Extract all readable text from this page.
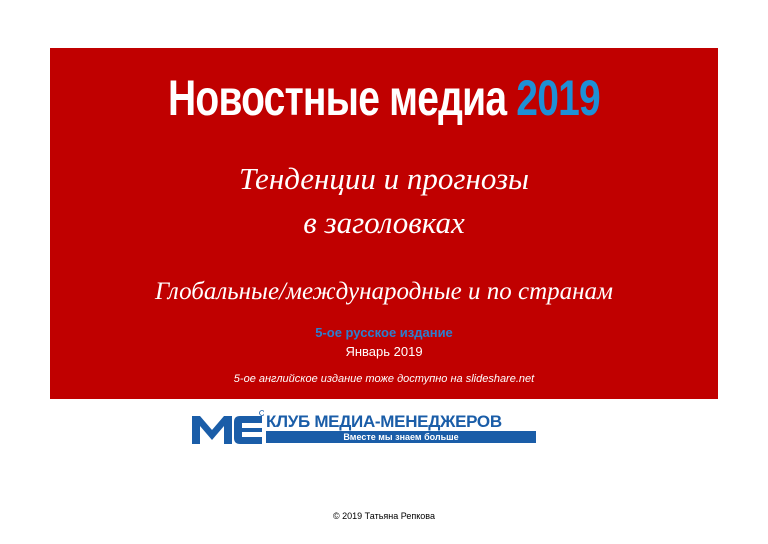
Новостные медиа 2019
Тенденции и прогнозы
в заголовках
Глобальные/международные и по странам
5-ое русское издание
Январь 2019
5-ое английское издание тоже доступно на slideshare.net
КЛУБ МЕДИА-МЕНЕДЖЕРОВ
Вместе мы знаем больше
© 2019 Татьяна Репкова
